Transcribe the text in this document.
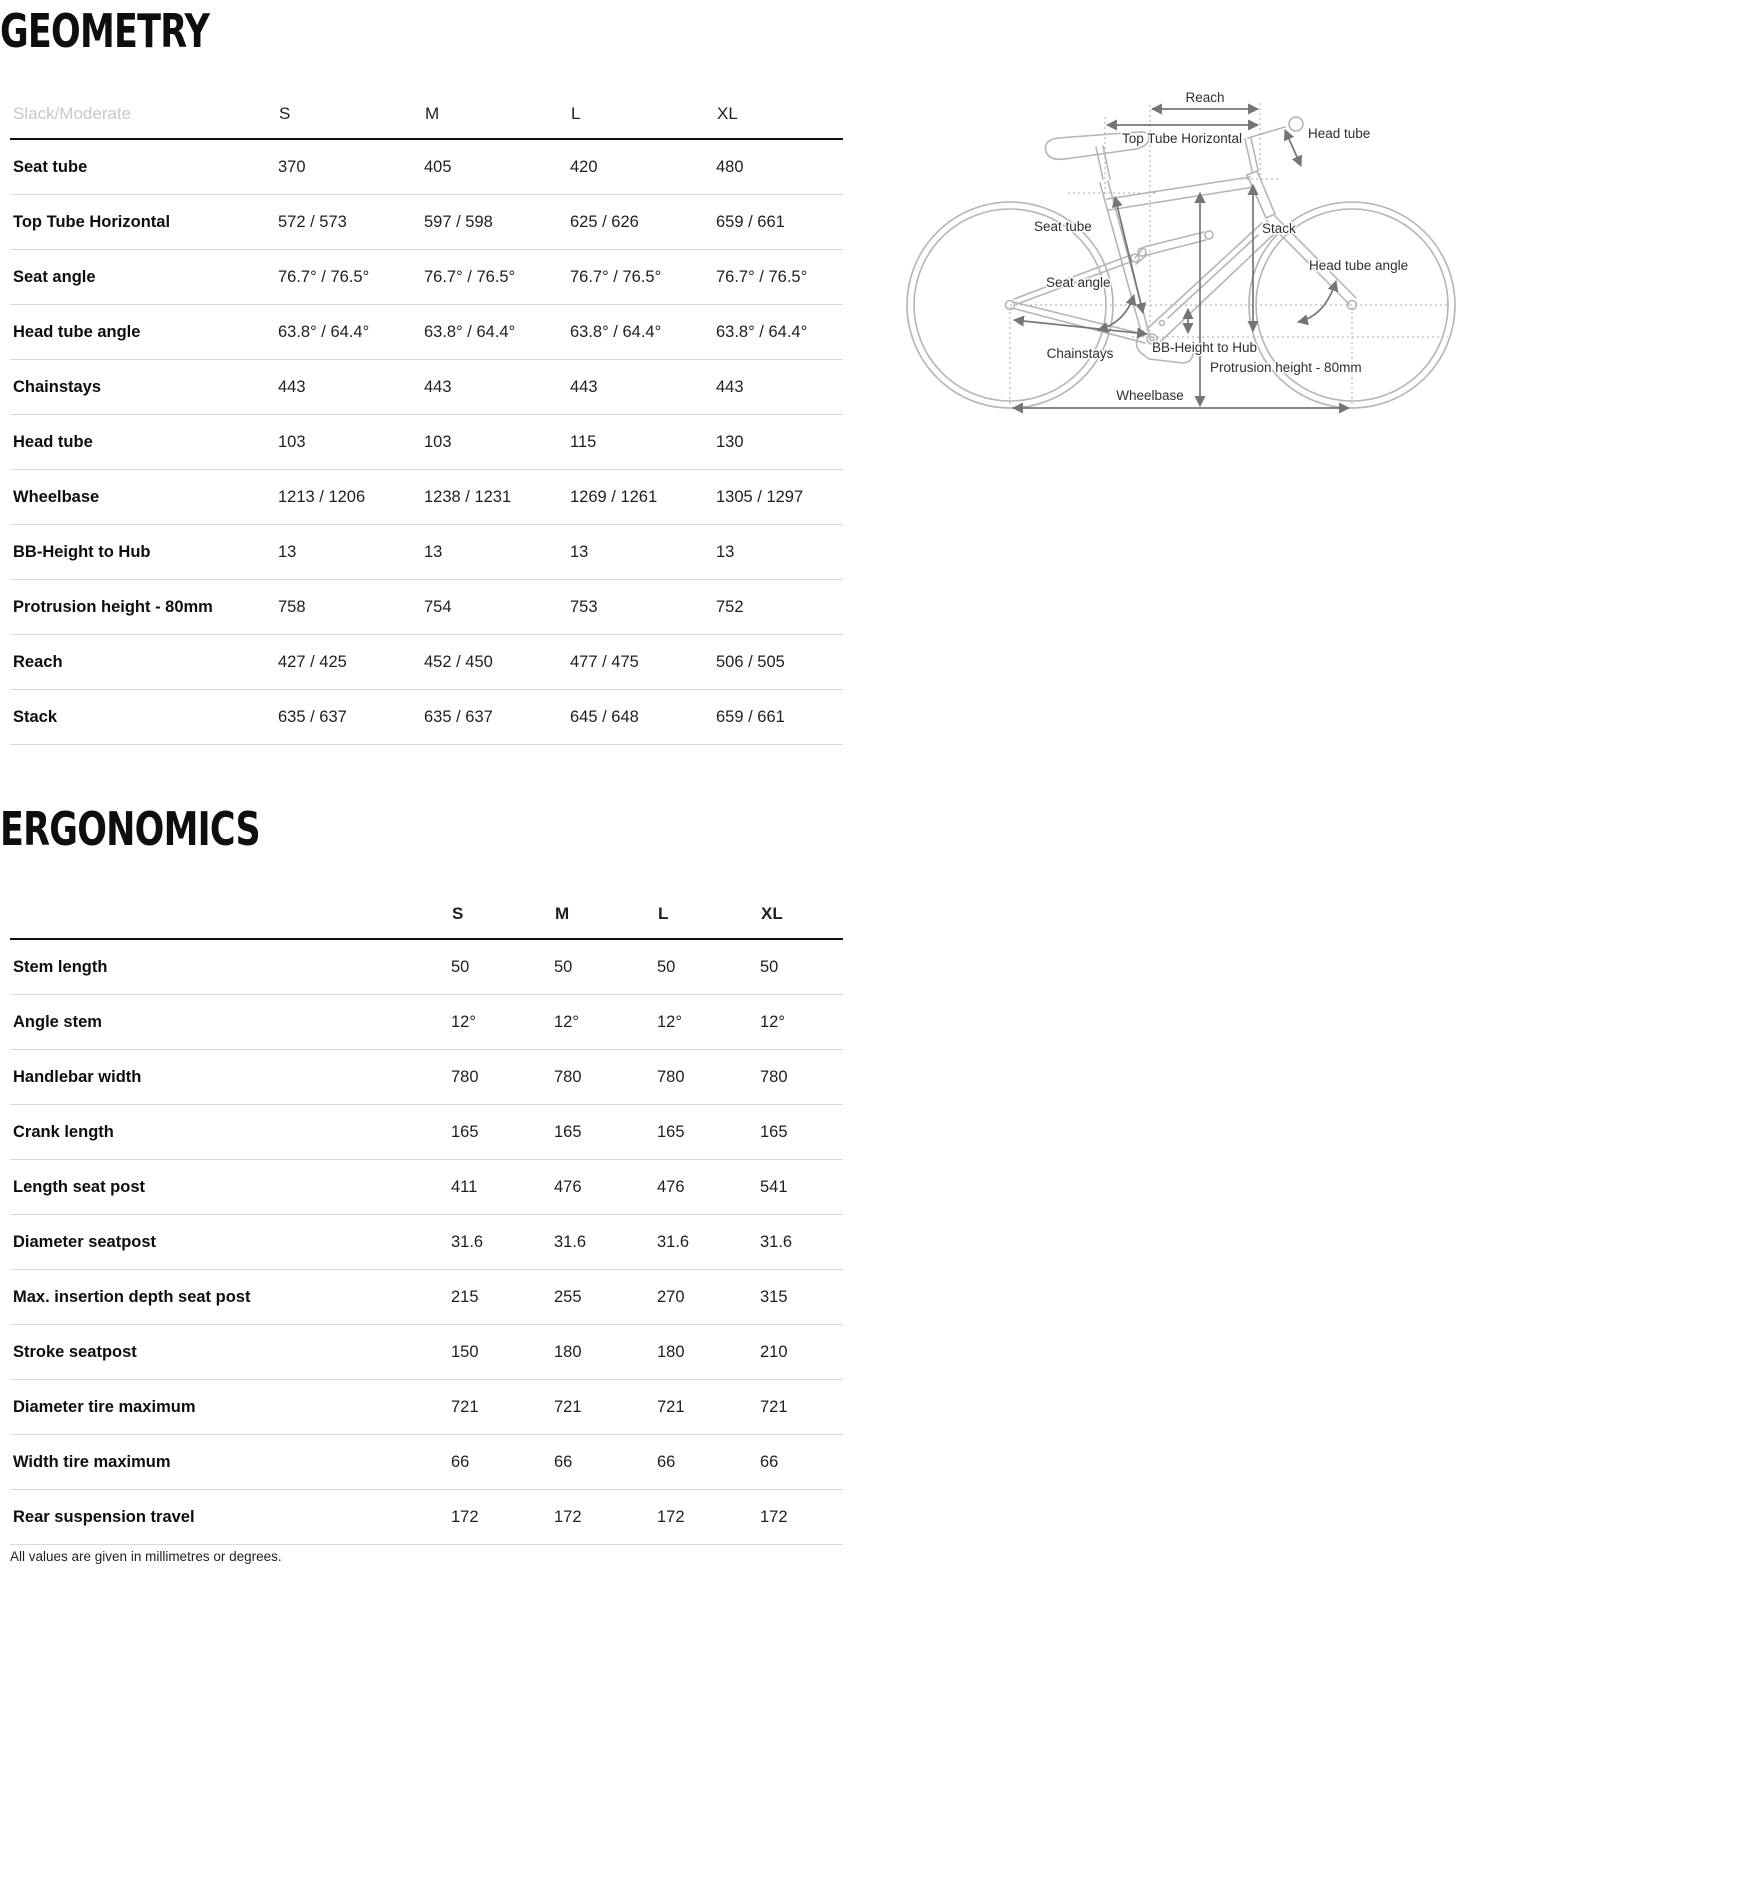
GEOMETRY
Slack/Moderate	S	M	L	XL
Seat tube	370	405	420	480
Top Tube Horizontal	572 / 573	597 / 598	625 / 626	659 / 661
Seat angle	76.7° / 76.5°	76.7° / 76.5°	76.7° / 76.5°	76.7° / 76.5°
Head tube angle	63.8° / 64.4°	63.8° / 64.4°	63.8° / 64.4°	63.8° / 64.4°
Chainstays	443	443	443	443
Head tube	103	103	115	130
Wheelbase	1213 / 1206	1238 / 1231	1269 / 1261	1305 / 1297
BB-Height to Hub	13	13	13	13
Protrusion height - 80mm	758	754	753	752
Reach	427 / 425	452 / 450	477 / 475	506 / 505
Stack	635 / 637	635 / 637	645 / 648	659 / 661
Reach
Top Tube Horizontal	Head tube
Seat tube	Stack
Seat angle
Head tube angle
Chainstays	BB-Height to Hub
Protrusion height - 80mm
Wheelbase
ERGONOMICS
	S	M	L	XL
Stem length	50	50	50	50
Angle stem	12°	12°	12°	12°
Handlebar width	780	780	780	780
Crank length	165	165	165	165
Length seat post	411	476	476	541
Diameter seatpost	31.6	31.6	31.6	31.6
Max. insertion depth seat post	215	255	270	315
Stroke seatpost	150	180	180	210
Diameter tire maximum	721	721	721	721
Width tire maximum	66	66	66	66
Rear suspension travel	172	172	172	172
All values are given in millimetres or degrees.
